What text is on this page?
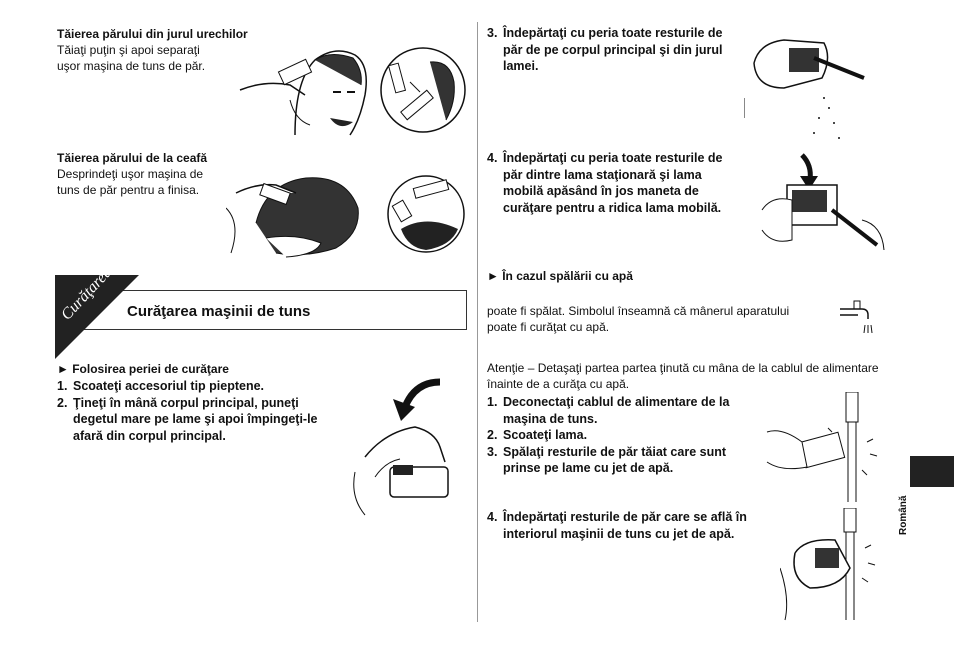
Tăierea părului din jurul urechilor
Tăiaţi puţin şi apoi separaţi
uşor maşina de tuns de păr.
Tăierea părului de la ceafă
Desprindeţi uşor maşina de
tuns de păr pentru a finisa.
Curăţarea Curăţarea maşinii de tuns
► Folosirea periei de curăţare
1. Scoateţi accesoriul tip pieptene.
2. Ţineţi în mână corpul principal, puneţi
degetul mare pe lame şi apoi împingeţi-le
afară din corpul principal.
3. Îndepărtaţi cu peria toate resturile de
păr de pe corpul principal şi din jurul
lamei.
4. Îndepărtaţi cu peria toate resturile de
păr dintre lama staţionară şi lama
mobilă apăsând în jos maneta de
curăţare pentru a ridica lama mobilă.
► În cazul spălării cu apă
poate fi spălat. Simbolul înseamnă că mânerul aparatului
poate fi curăţat cu apă.
Atenţie – Detaşaţi partea partea ţinută cu mâna de la cablul de alimentare
înainte de a curăţa cu apă.
1. Deconectaţi cablul de alimentare de la
maşina de tuns.
2. Scoateţi lama.
3. Spălaţi resturile de păr tăiat care sunt
prinse pe lame cu jet de apă.
4. Îndepărtaţi resturile de păr care se află în
interiorul maşinii de tuns cu jet de apă.	Română
